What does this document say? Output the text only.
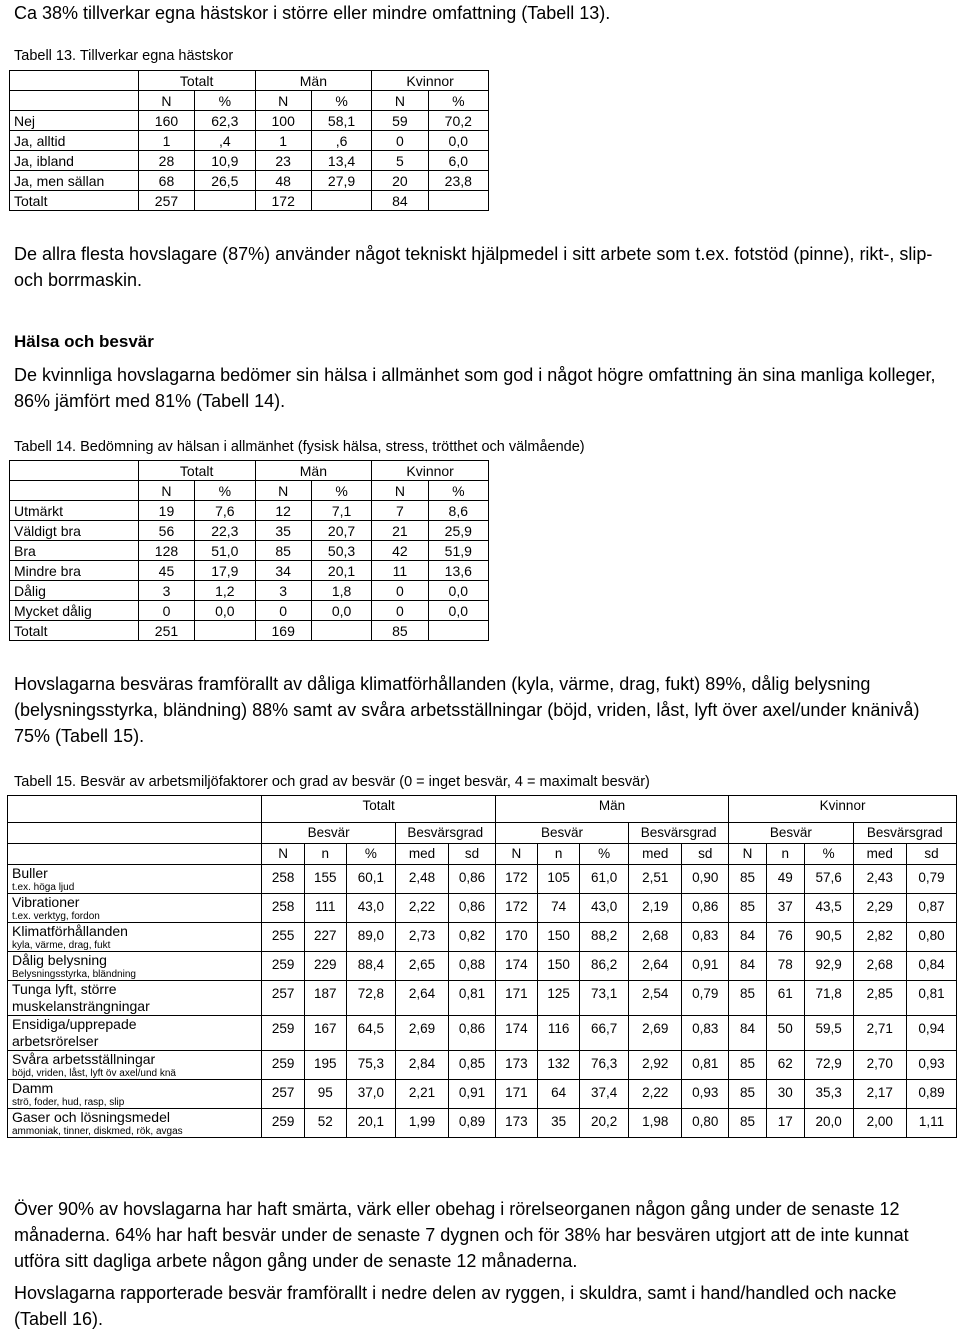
Ca 38% tillverkar egna hästskor i större eller mindre omfattning (Tabell 13).
Tabell 13. Tillverkar egna hästskor
	Totalt		Män		Kvinnor	
	N	%	N	%	N	%
Nej	160	62,3	100	58,1	59	70,2
Ja, alltid	1	,4	1	,6	0	0,0
Ja, ibland	28	10,9	23	13,4	5	6,0
Ja, men sällan	68	26,5	48	27,9	20	23,8
Totalt	257		172		84	
De allra flesta hovslagare (87%) använder något tekniskt hjälpmedel i sitt arbete som t.ex. fotstöd (pinne), rikt-, slip- och borrmaskin.
Hälsa och besvär
De kvinnliga hovslagarna bedömer sin hälsa i allmänhet som god i något högre omfattning än sina manliga kolleger, 86% jämfört med 81% (Tabell 14).
Tabell 14. Bedömning av hälsan i allmänhet (fysisk hälsa, stress, trötthet och välmående)
	Totalt		Män		Kvinnor	
	N	%	N	%	N	%
Utmärkt	19	7,6	12	7,1	7	8,6
Väldigt bra	56	22,3	35	20,7	21	25,9
Bra	128	51,0	85	50,3	42	51,9
Mindre bra	45	17,9	34	20,1	11	13,6
Dålig	3	1,2	3	1,8	0	0,0
Mycket dålig	0	0,0	0	0,0	0	0,0
Totalt	251		169		85	
Hovslagarna besväras framförallt av dåliga klimatförhållanden (kyla, värme, drag, fukt) 89%, dålig belysning (belysningsstyrka, bländning) 88% samt av svåra arbetsställningar (böjd, vriden, låst, lyft över axel/under knänivå) 75% (Tabell 15).
Tabell 15. Besvär av arbetsmiljöfaktorer och grad av besvär (0 = inget besvär, 4 = maximalt besvär)
	Totalt					Män					Kvinnor				
	Besvär			Besvärsgrad		Besvär			Besvärsgrad		Besvär			Besvärsgrad	
	N	n	%	med	sd	N	n	%	med	sd	N	n	%	med	sd

Buller
t.ex. höga ljud	258	155	60,1	2,48	0,86	172	105	61,0	2,51	0,90	85	49	57,6	2,43	0,79

Vibrationer
t.ex. verktyg, fordon	258	111	43,0	2,22	0,86	172	74	43,0	2,19	0,86	85	37	43,5	2,29	0,87

Klimatförhållanden
kyla, värme, drag, fukt	255	227	89,0	2,73	0,82	170	150	88,2	2,68	0,83	84	76	90,5	2,82	0,80

Dålig belysning
Belysningsstyrka, bländning	259	229	88,4	2,65	0,88	174	150	86,2	2,64	0,91	84	78	92,9	2,68	0,84

Tunga lyft, större
muskelansträngningar	257	187	72,8	2,64	0,81	171	125	73,1	2,54	0,79	85	61	71,8	2,85	0,81

Ensidiga/upprepade
arbetsrörelser	259	167	64,5	2,69	0,86	174	116	66,7	2,69	0,83	84	50	59,5	2,71	0,94

Svåra arbetsställningar
böjd, vriden, låst, lyft öv axel/und knä	259	195	75,3	2,84	0,85	173	132	76,3	2,92	0,81	85	62	72,9	2,70	0,93

Damm
strö, foder, hud, rasp, slip	257	95	37,0	2,21	0,91	171	64	37,4	2,22	0,93	85	30	35,3	2,17	0,89

Gaser och lösningsmedel
ammoniak, tinner, diskmed, rök, avgas	259	52	20,1	1,99	0,89	173	35	20,2	1,98	0,80	85	17	20,0	2,00	1,11
Över 90% av hovslagarna har haft smärta, värk eller obehag i rörelseorganen någon gång under de senaste 12 månaderna. 64% har haft besvär under de senaste 7 dygnen och för 38% har besvären utgjort att de inte kunnat utföra sitt dagliga arbete någon gång under de senaste 12 månaderna.
Hovslagarna rapporterade besvär framförallt i nedre delen av ryggen, i skuldra, samt i hand/handled och nacke (Tabell 16).
